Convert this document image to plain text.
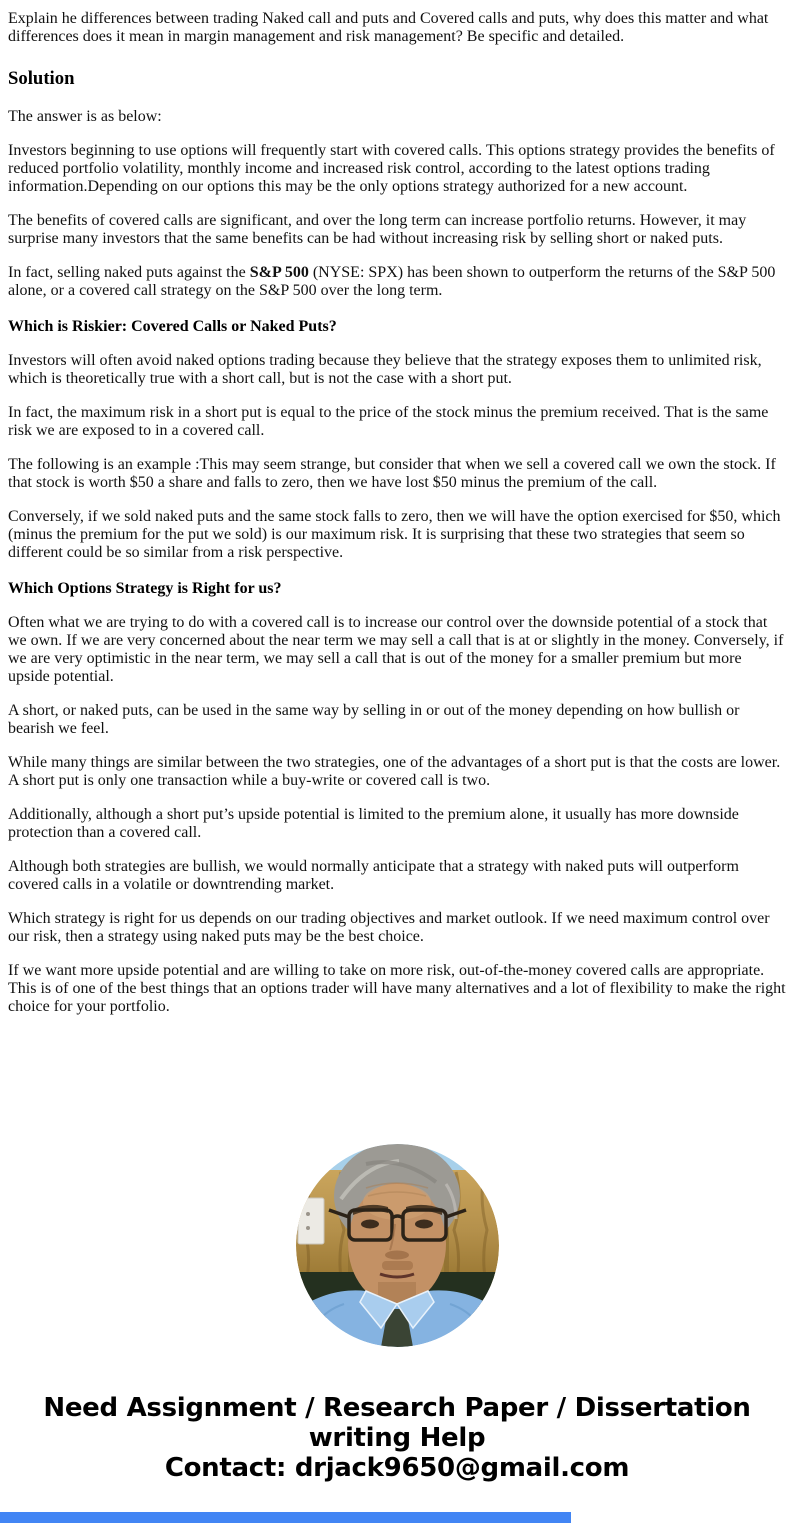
Explain he differences between trading Naked call and puts and Covered calls and puts, why does this matter and what differences does it mean in margin management and risk management? Be specific and detailed.

Solution

The answer is as below:

Investors beginning to use options will frequently start with covered calls. This options strategy provides the benefits of reduced portfolio volatility, monthly income and increased risk control, according to the latest options trading information.Depending on our options this may be the only options strategy authorized for a new account.

The benefits of covered calls are significant, and over the long term can increase portfolio returns. However, it may surprise many investors that the same benefits can be had without increasing risk by selling short or naked puts.

In fact, selling naked puts against the S&P 500 (NYSE: SPX) has been shown to outperform the returns of the S&P 500 alone, or a covered call strategy on the S&P 500 over the long term.

Which is Riskier: Covered Calls or Naked Puts?

Investors will often avoid naked options trading because they believe that the strategy exposes them to unlimited risk, which is theoretically true with a short call, but is not the case with a short put.

In fact, the maximum risk in a short put is equal to the price of the stock minus the premium received. That is the same risk we are exposed to in a covered call.

The following is an example :This may seem strange, but consider that when we sell a covered call we own the stock. If that stock is worth $50 a share and falls to zero, then we have lost $50 minus the premium of the call.

Conversely, if we sold naked puts and the same stock falls to zero, then we will have the option exercised for $50, which (minus the premium for the put we sold) is our maximum risk. It is surprising that these two strategies that seem so different could be so similar from a risk perspective.

Which Options Strategy is Right for us?

Often what we are trying to do with a covered call is to increase our control over the downside potential of a stock that we own. If we are very concerned about the near term we may sell a call that is at or slightly in the money. Conversely, if we are very optimistic in the near term, we may sell a call that is out of the money for a smaller premium but more upside potential.

A short, or naked puts, can be used in the same way by selling in or out of the money depending on how bullish or bearish we feel.

While many things are similar between the two strategies, one of the advantages of a short put is that the costs are lower. A short put is only one transaction while a buy-write or covered call is two.

Additionally, although a short put’s upside potential is limited to the premium alone, it usually has more downside protection than a covered call.

Although both strategies are bullish, we would normally anticipate that a strategy with naked puts will outperform covered calls in a volatile or downtrending market.

Which strategy is right for us depends on our trading objectives and market outlook. If we need maximum control over our risk, then a strategy using naked puts may be the best choice.

If we want more upside potential and are willing to take on more risk, out-of-the-money covered calls are appropriate. This is of one of the best things that an options trader will have many alternatives and a lot of flexibility to make the right choice for your portfolio.

Need Assignment / Research Paper / Dissertation writing Help
Contact: drjack9650@gmail.com
